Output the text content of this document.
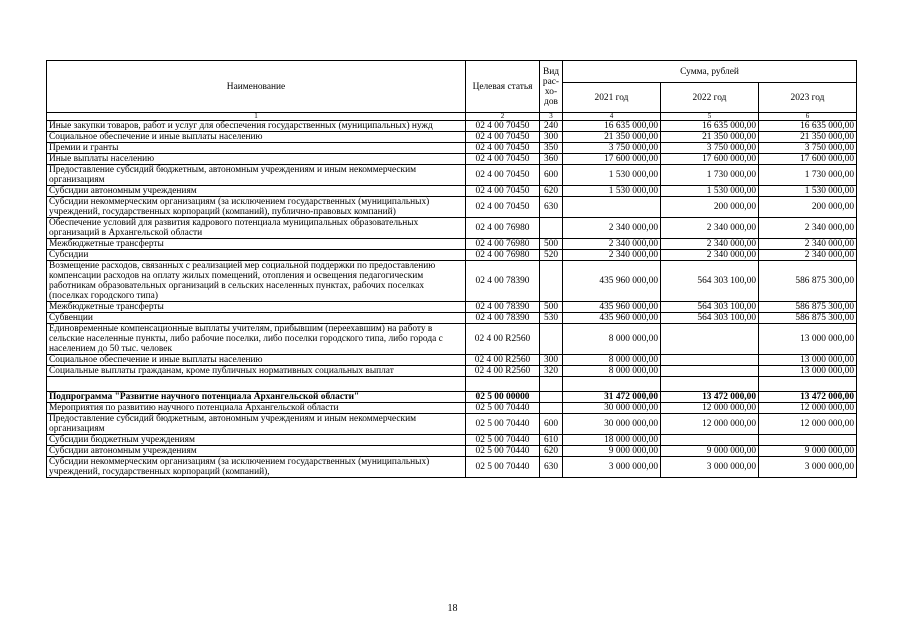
Наименование	Целевая статья	Вид рас-хо-дов	Сумма, рублей		
			2021 год	2022 год	2023 год
1	2	3	4	5	6
Иные закупки товаров, работ и услуг для обеспечения государственных (муниципальных) нужд	02 4 00 70450	240	16 635 000,00	16 635 000,00	16 635 000,00
Социальное обеспечение и иные выплаты населению	02 4 00 70450	300	21 350 000,00	21 350 000,00	21 350 000,00
Премии и гранты	02 4 00 70450	350	3 750 000,00	3 750 000,00	3 750 000,00
Иные выплаты населению	02 4 00 70450	360	17 600 000,00	17 600 000,00	17 600 000,00
Предоставление субсидий бюджетным, автономным учреждениям и иным некоммерческим организациям	02 4 00 70450	600	1 530 000,00	1 730 000,00	1 730 000,00
Субсидии автономным учреждениям	02 4 00 70450	620	1 530 000,00	1 530 000,00	1 530 000,00
Субсидии некоммерческим организациям (за исключением государственных (муниципальных) учреждений, государственных корпораций (компаний), публично-правовых компаний)	02 4 00 70450	630		200 000,00	200 000,00
Обеспечение условий для развития кадрового потенциала муниципальных образовательных организаций в Архангельской области	02 4 00 76980		2 340 000,00	2 340 000,00	2 340 000,00
Межбюджетные трансферты	02 4 00 76980	500	2 340 000,00	2 340 000,00	2 340 000,00
Субсидии	02 4 00 76980	520	2 340 000,00	2 340 000,00	2 340 000,00
Возмещение расходов, связанных с реализацией мер социальной поддержки по предоставлению компенсации расходов на оплату жилых помещений, отопления и освещения педагогическим работникам образовательных организаций в сельских населенных пунктах, рабочих поселках (поселках городского типа)	02 4 00 78390		435 960 000,00	564 303 100,00	586 875 300,00
Межбюджетные трансферты	02 4 00 78390	500	435 960 000,00	564 303 100,00	586 875 300,00
Субвенции	02 4 00 78390	530	435 960 000,00	564 303 100,00	586 875 300,00
Единовременные компенсационные выплаты учителям, прибывшим (переехавшим) на работу в сельские населенные пункты, либо рабочие поселки, либо поселки городского типа, либо города с населением до 50 тыс. человек	02 4 00 R2560		8 000 000,00		13 000 000,00
Социальное обеспечение и иные выплаты населению	02 4 00 R2560	300	8 000 000,00		13 000 000,00
Социальные выплаты гражданам, кроме публичных нормативных социальных выплат	02 4 00 R2560	320	8 000 000,00		13 000 000,00

Подпрограмма "Развитие научного потенциала Архангельской области"	02 5 00 00000		31 472 000,00	13 472 000,00	13 472 000,00
Мероприятия по развитию научного потенциала Архангельской области	02 5 00 70440		30 000 000,00	12 000 000,00	12 000 000,00
Предоставление субсидий бюджетным, автономным учреждениям и иным некоммерческим организациям	02 5 00 70440	600	30 000 000,00	12 000 000,00	12 000 000,00
Субсидии бюджетным учреждениям	02 5 00 70440	610	18 000 000,00		
Субсидии автономным учреждениям	02 5 00 70440	620	9 000 000,00	9 000 000,00	9 000 000,00
Субсидии некоммерческим организациям (за исключением государственных (муниципальных) учреждений, государственных корпораций (компаний),	02 5 00 70440	630	3 000 000,00	3 000 000,00	3 000 000,00
18
